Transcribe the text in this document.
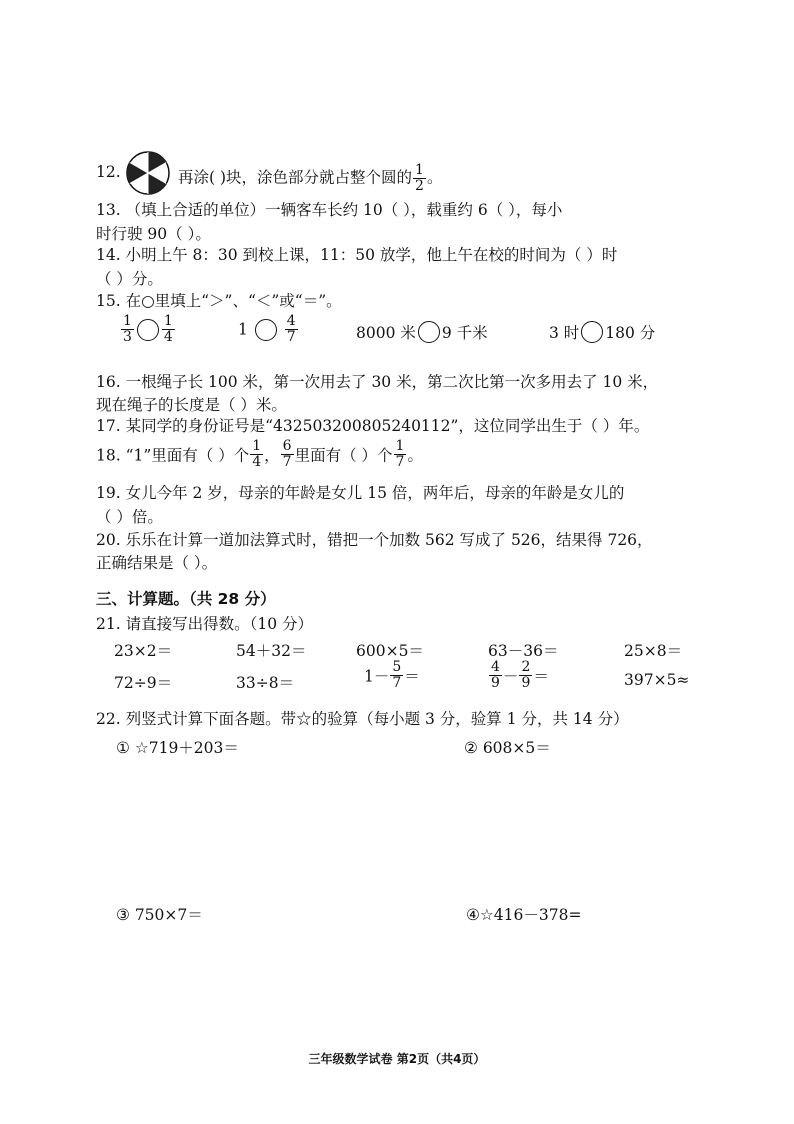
12.	再涂( )块，涂色部分就占整个圆的 $\frac{1}{2}$ 。
13. （填上合适的单位）一辆客车长约 10（ ），载重约 6（ ），每小
时行驶 90（ ）。
14. 小明上午 8：30 到校上课，11：50 放学，他上午在校的时间为（ ）时
（ ）分。
15. 在○里填上“＞”、“＜”或“＝”。
$\frac{1}{3} \frac{1}{4}$	1	$\frac{4}{7}$	8000 米 9 千米	3 时 180 分
16. 一根绳子长 100 米，第一次用去了 30 米，第二次比第一次多用去了 10 米，
现在绳子的长度是（ ）米。
17. 某同学的身份证号是“432503200805240112”，这位同学出生于（ ）年。
18. “1”里面有（ ）个 $\frac{1}{4}$ ， $\frac{6}{7}$ 里面有（ ）个 $\frac{1}{7}$ 。
19. 女儿今年 2 岁，母亲的年龄是女儿 15 倍，两年后，母亲的年龄是女儿的
（ ）倍。
20. 乐乐在计算一道加法算式时，错把一个加数 562 写成了 526，结果得 726，
正确结果是（ ）。
三、计算题。（共 28 分）
21. 请直接写出得数。（10 分）
23×2＝	54＋32＝	600×5＝	63－36＝	25×8＝
72÷9＝	33÷8＝	$1- \frac{5}{7}$ ＝	$\frac{4}{9} - \frac{2}{9}$ ＝	397×5≈
22. 列竖式计算下面各题。带☆的验算（每小题 3 分，验算 1 分，共 14 分）
① ☆719＋203＝	② 608×5＝
③ 750×7＝	④☆416－378=
三年级数学试卷 第2页（共4页）
